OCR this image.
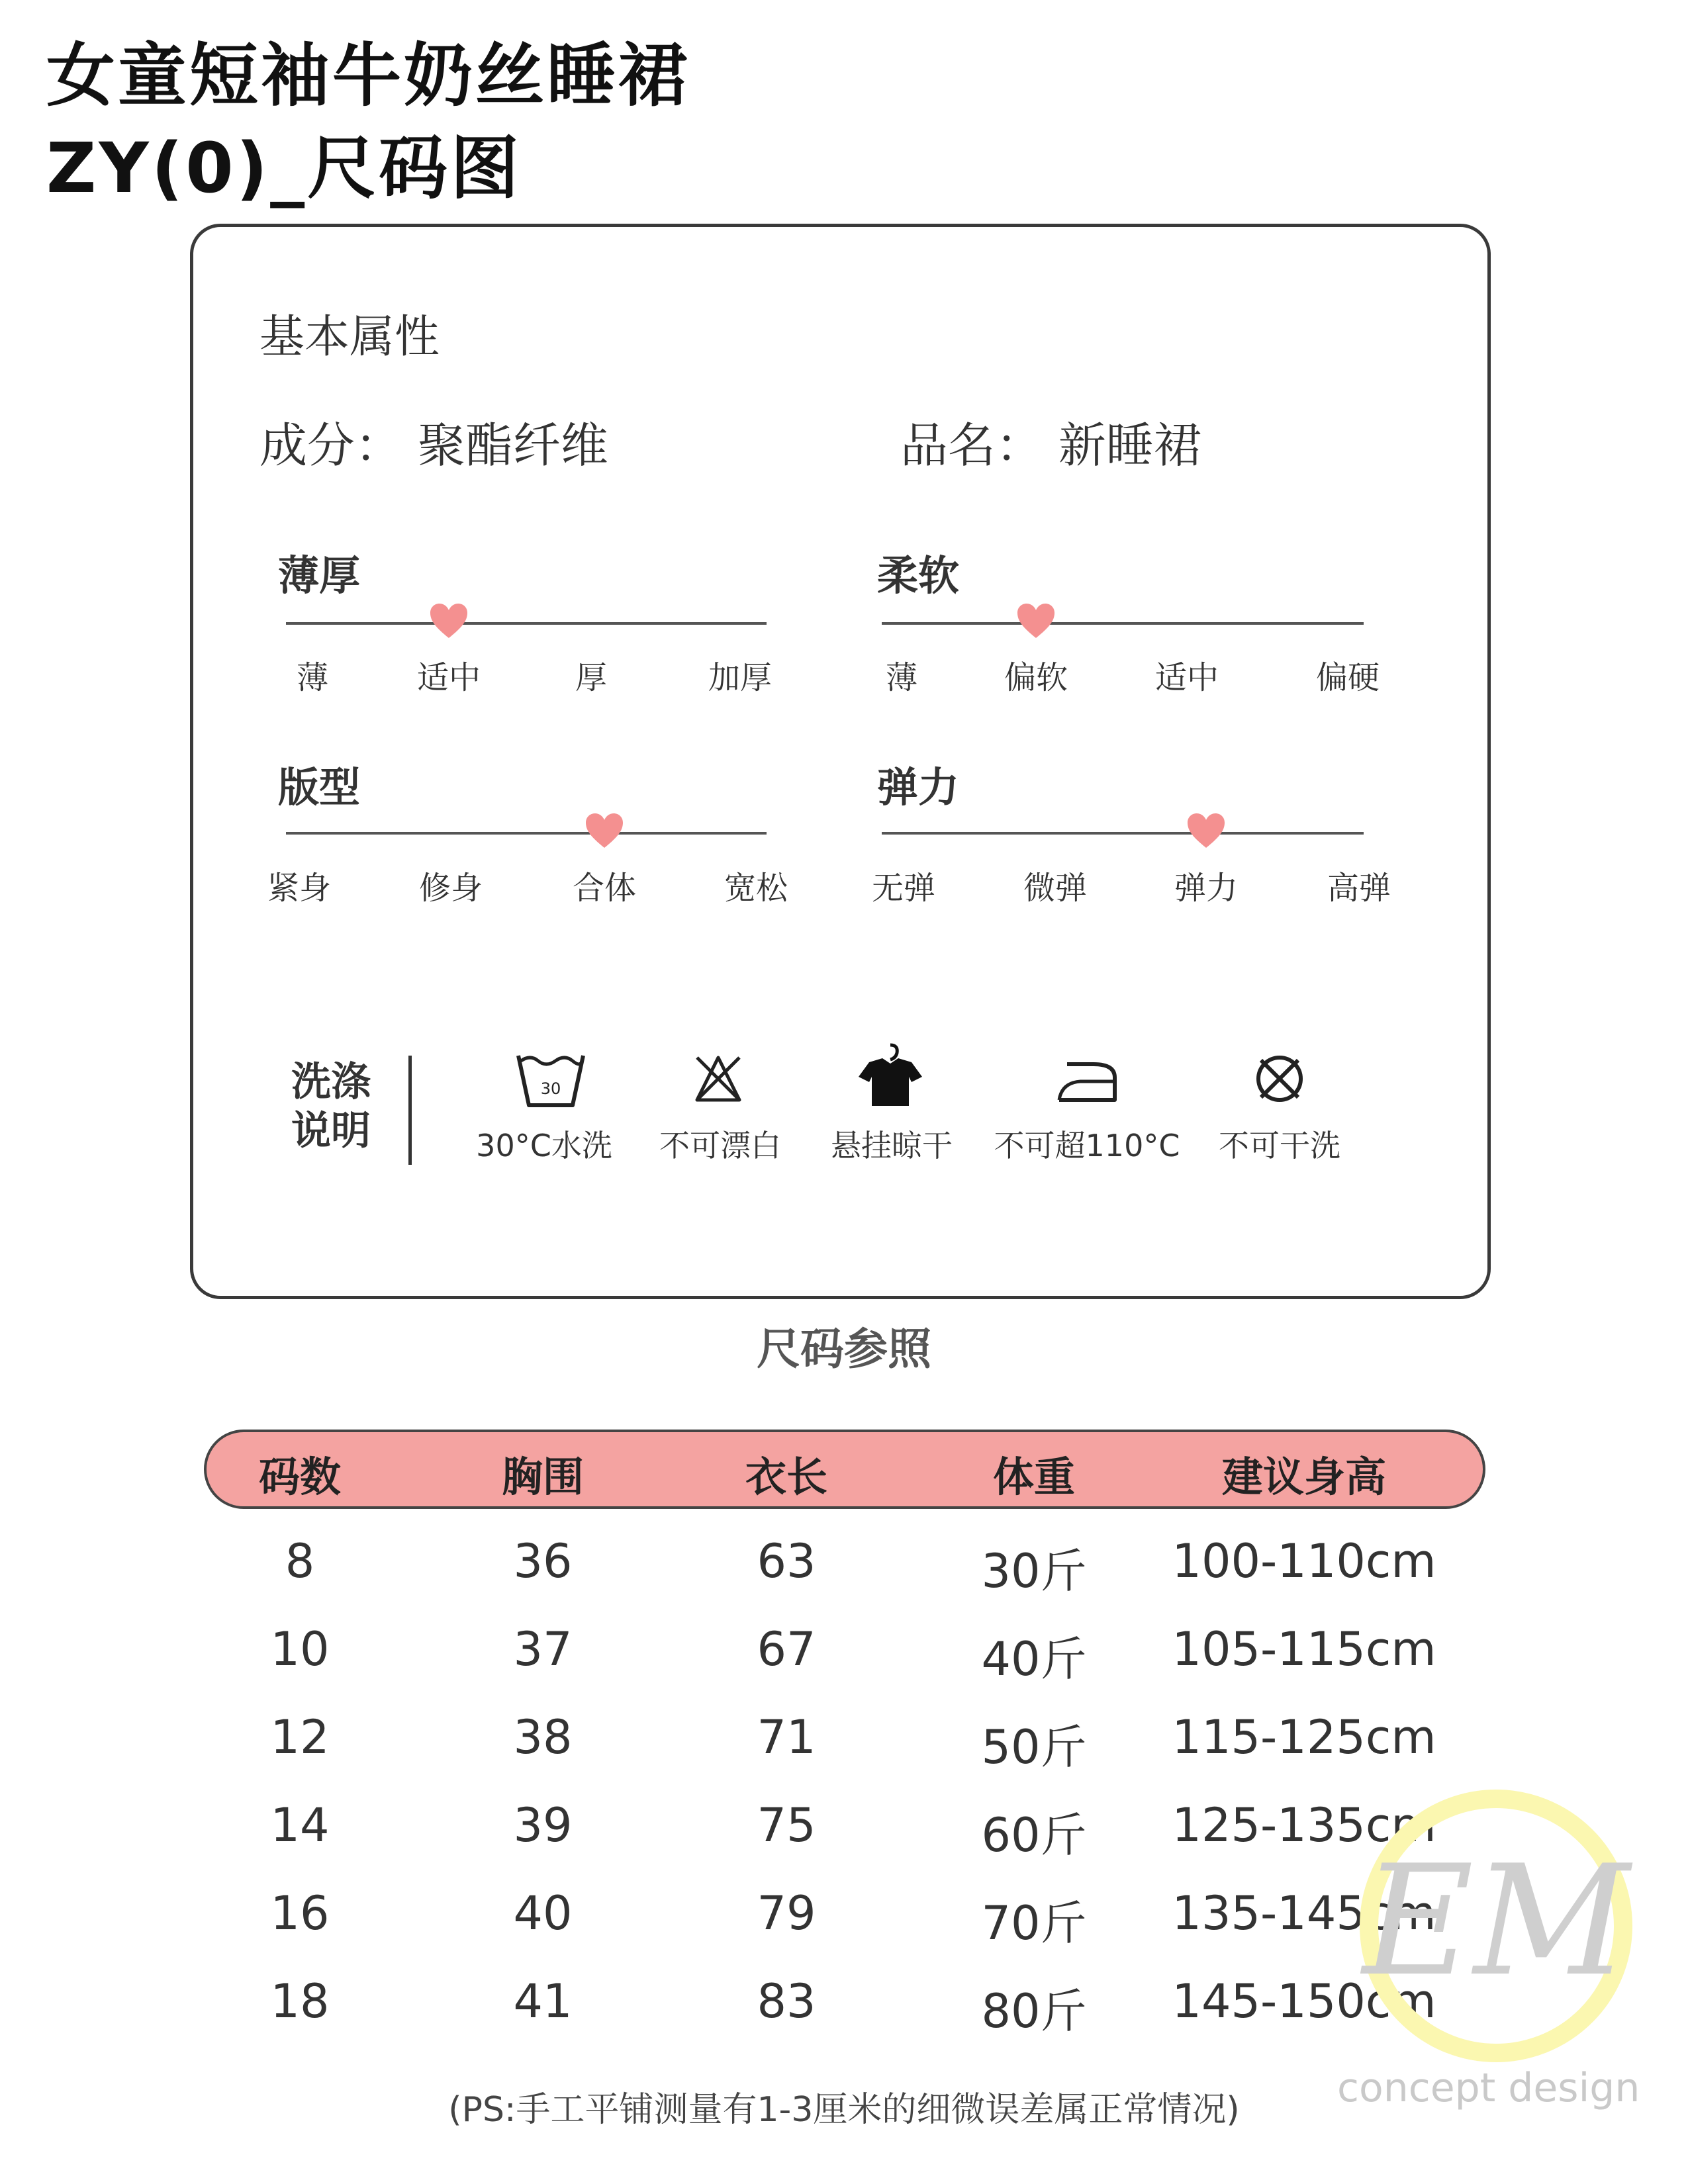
女童短袖牛奶丝睡裙
ZY(0)_尺码图
基本属性
成分： 聚酯纤维	品名： 新睡裙
薄厚
薄	适中	厚	加厚
柔软
薄	偏软	适中	偏硬
版型
紧身	修身	合体	宽松
弹力
无弹	微弹	弹力	高弹
洗涤
说明
30
30°C水洗 不可漂白 悬挂晾干 不可超110°C 不可干洗
尺码参照
码数	胸围	衣长	体重	建议身高
8	36	63	30斤 100-110cm
10	37	67	40斤 105-115cm
12	38	71	50斤 115-125cm
14	39	75	60斤 125-135cm
16	40	79	70斤 135-145cm
18	41	83	80斤 145-150cm
(PS:手工平铺测量有1-3厘米的细微误差属正常情况)
EM
concept design
